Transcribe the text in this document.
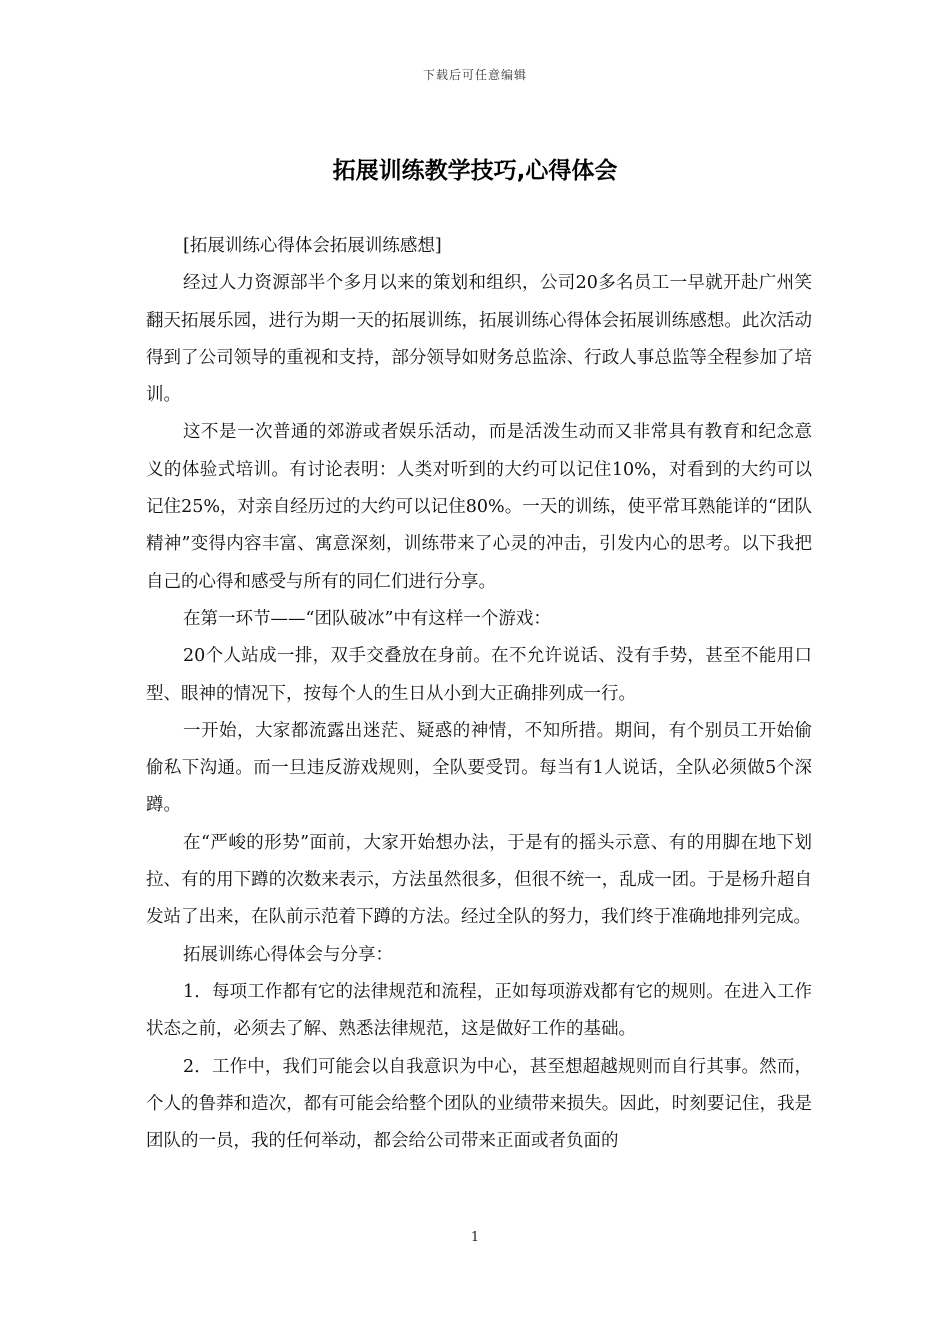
下载后可任意编辑
拓展训练教学技巧,心得体会

[拓展训练心得体会拓展训练感想]

经过人力资源部半个多月以来的策划和组织，公司20多名员工一早就开赴广州笑翻天拓展乐园，进行为期一天的拓展训练，拓展训练心得体会拓展训练感想。此次活动得到了公司领导的重视和支持，部分领导如财务总监涂、行政人事总监等全程参加了培训。

这不是一次普通的郊游或者娱乐活动，而是活泼生动而又非常具有教育和纪念意义的体验式培训。有讨论表明：人类对听到的大约可以记住10%，对看到的大约可以记住25%，对亲自经历过的大约可以记住80%。一天的训练，使平常耳熟能详的“团队精神”变得内容丰富、寓意深刻，训练带来了心灵的冲击，引发内心的思考。以下我把自己的心得和感受与所有的同仁们进行分享。

在第一环节——“团队破冰”中有这样一个游戏：

20个人站成一排，双手交叠放在身前。在不允许说话、没有手势，甚至不能用口型、眼神的情况下，按每个人的生日从小到大正确排列成一行。

一开始，大家都流露出迷茫、疑惑的神情，不知所措。期间，有个别员工开始偷偷私下沟通。而一旦违反游戏规则，全队要受罚。每当有1人说话，全队必须做5个深蹲。

在“严峻的形势”面前，大家开始想办法，于是有的摇头示意、有的用脚在地下划拉、有的用下蹲的次数来表示，方法虽然很多，但很不统一，乱成一团。于是杨升超自发站了出来，在队前示范着下蹲的方法。经过全队的努力，我们终于准确地排列完成。

拓展训练心得体会与分享：

1．每项工作都有它的法律规范和流程，正如每项游戏都有它的规则。在进入工作状态之前，必须去了解、熟悉法律规范，这是做好工作的基础。

2．工作中，我们可能会以自我意识为中心，甚至想超越规则而自行其事。然而，个人的鲁莽和造次，都有可能会给整个团队的业绩带来损失。因此，时刻要记住，我是团队的一员，我的任何举动，都会给公司带来正面或者负面的

1
